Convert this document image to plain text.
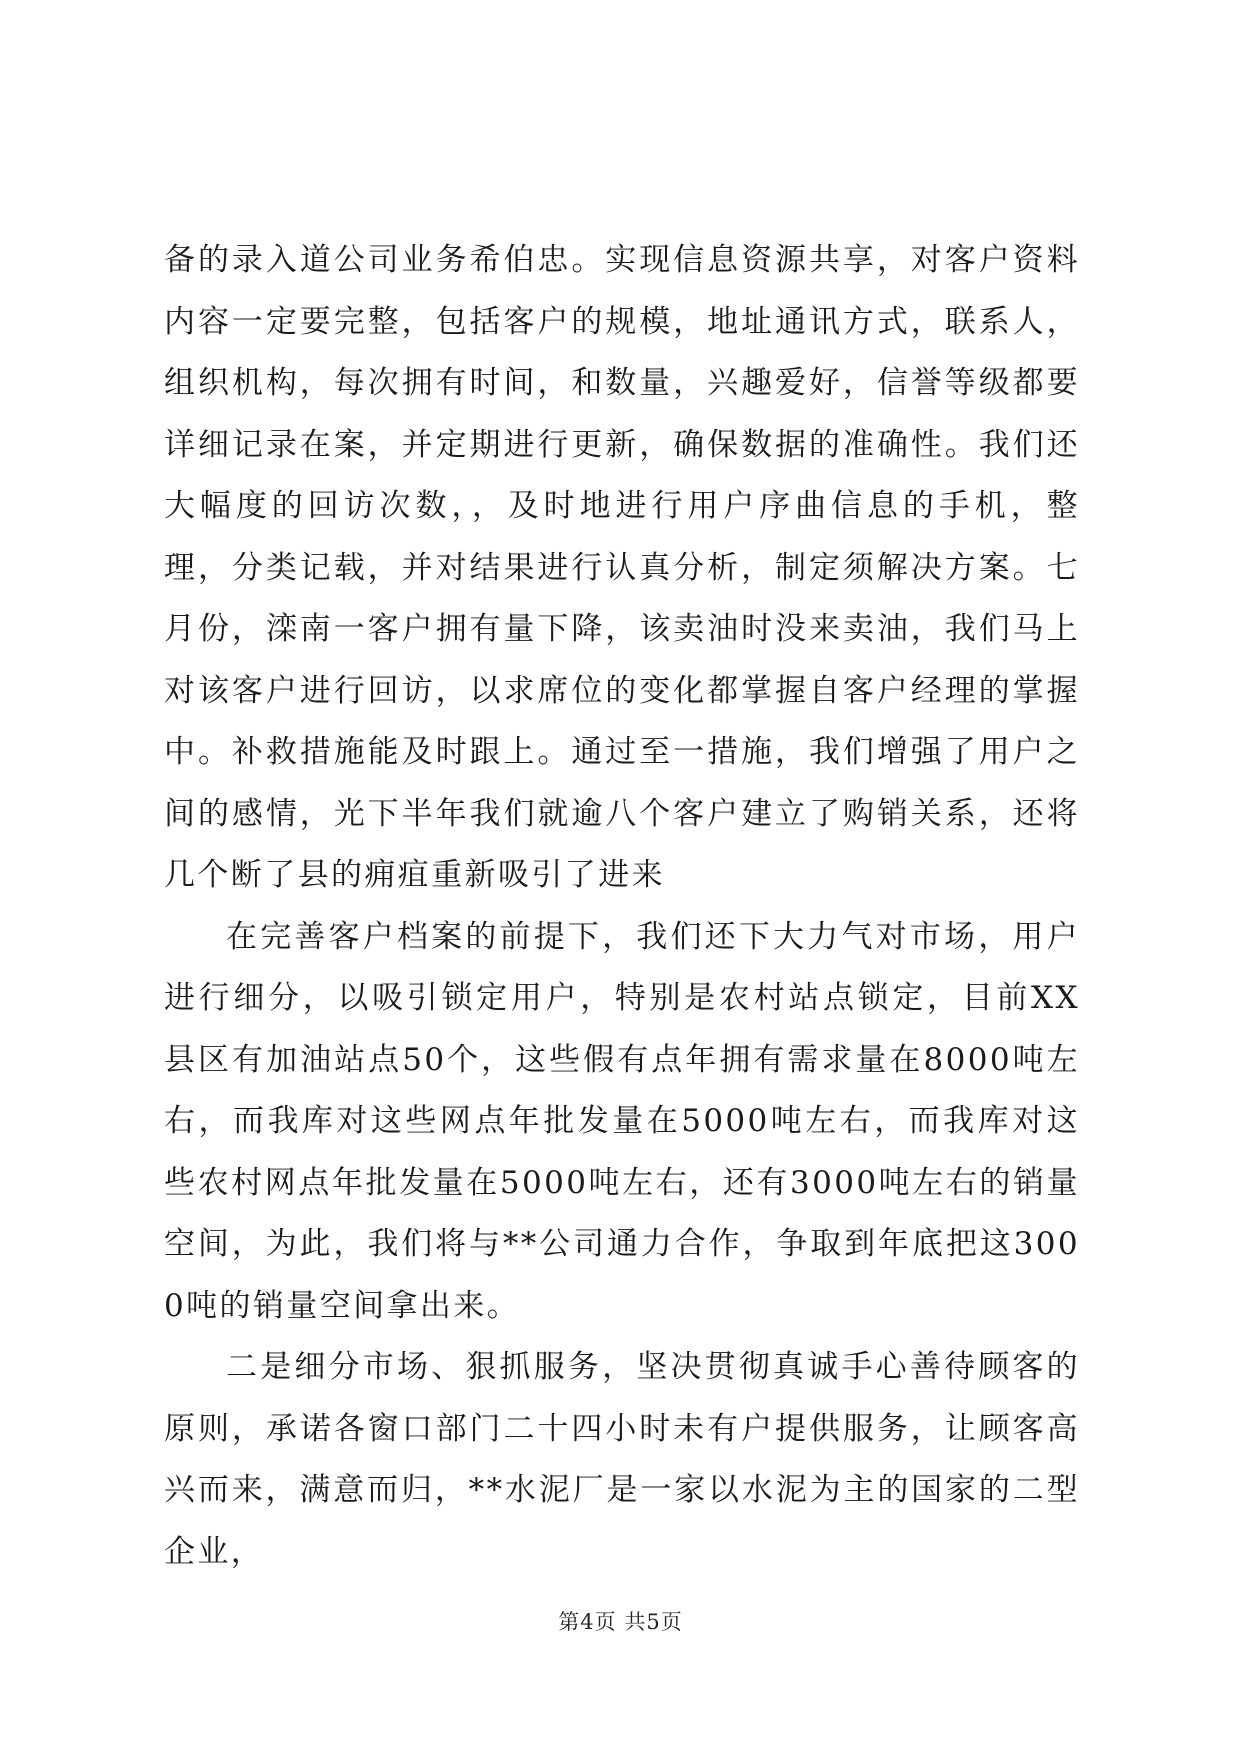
备的录入道公司业务希伯忠。实现信息资源共享，对客户资料内容一定要完整，包括客户的规模，地址通讯方式，联系人，组织机构，每次拥有时间，和数量，兴趣爱好，信誉等级都要详细记录在案，并定期进行更新，确保数据的准确性。我们还大幅度的回访次数，，及时地进行用户序曲信息的手机，整理，分类记载，并对结果进行认真分析，制定须解决方案。七月份，滦南一客户拥有量下降，该卖油时没来卖油，我们马上对该客户进行回访，以求席位的变化都掌握自客户经理的掌握中。补救措施能及时跟上。通过至一措施，我们增强了用户之间的感情，光下半年我们就逾八个客户建立了购销关系，还将几个断了县的痈疽重新吸引了进来

在完善客户档案的前提下，我们还下大力气对市场，用户进行细分，以吸引锁定用户，特别是农村站点锁定，目前XX县区有加油站点50个，这些假有点年拥有需求量在8000吨左右，而我库对这些网点年批发量在5000吨左右，而我库对这些农村网点年批发量在5000吨左右，还有3000吨左右的销量空间，为此，我们将与**公司通力合作，争取到年底把这3000吨的销量空间拿出来。

二是细分市场、狠抓服务，坚决贯彻真诚手心善待顾客的原则，承诺各窗口部门二十四小时未有户提供服务，让顾客高兴而来，满意而归，**水泥厂是一家以水泥为主的国家的二型企业，

第4页 共5页
